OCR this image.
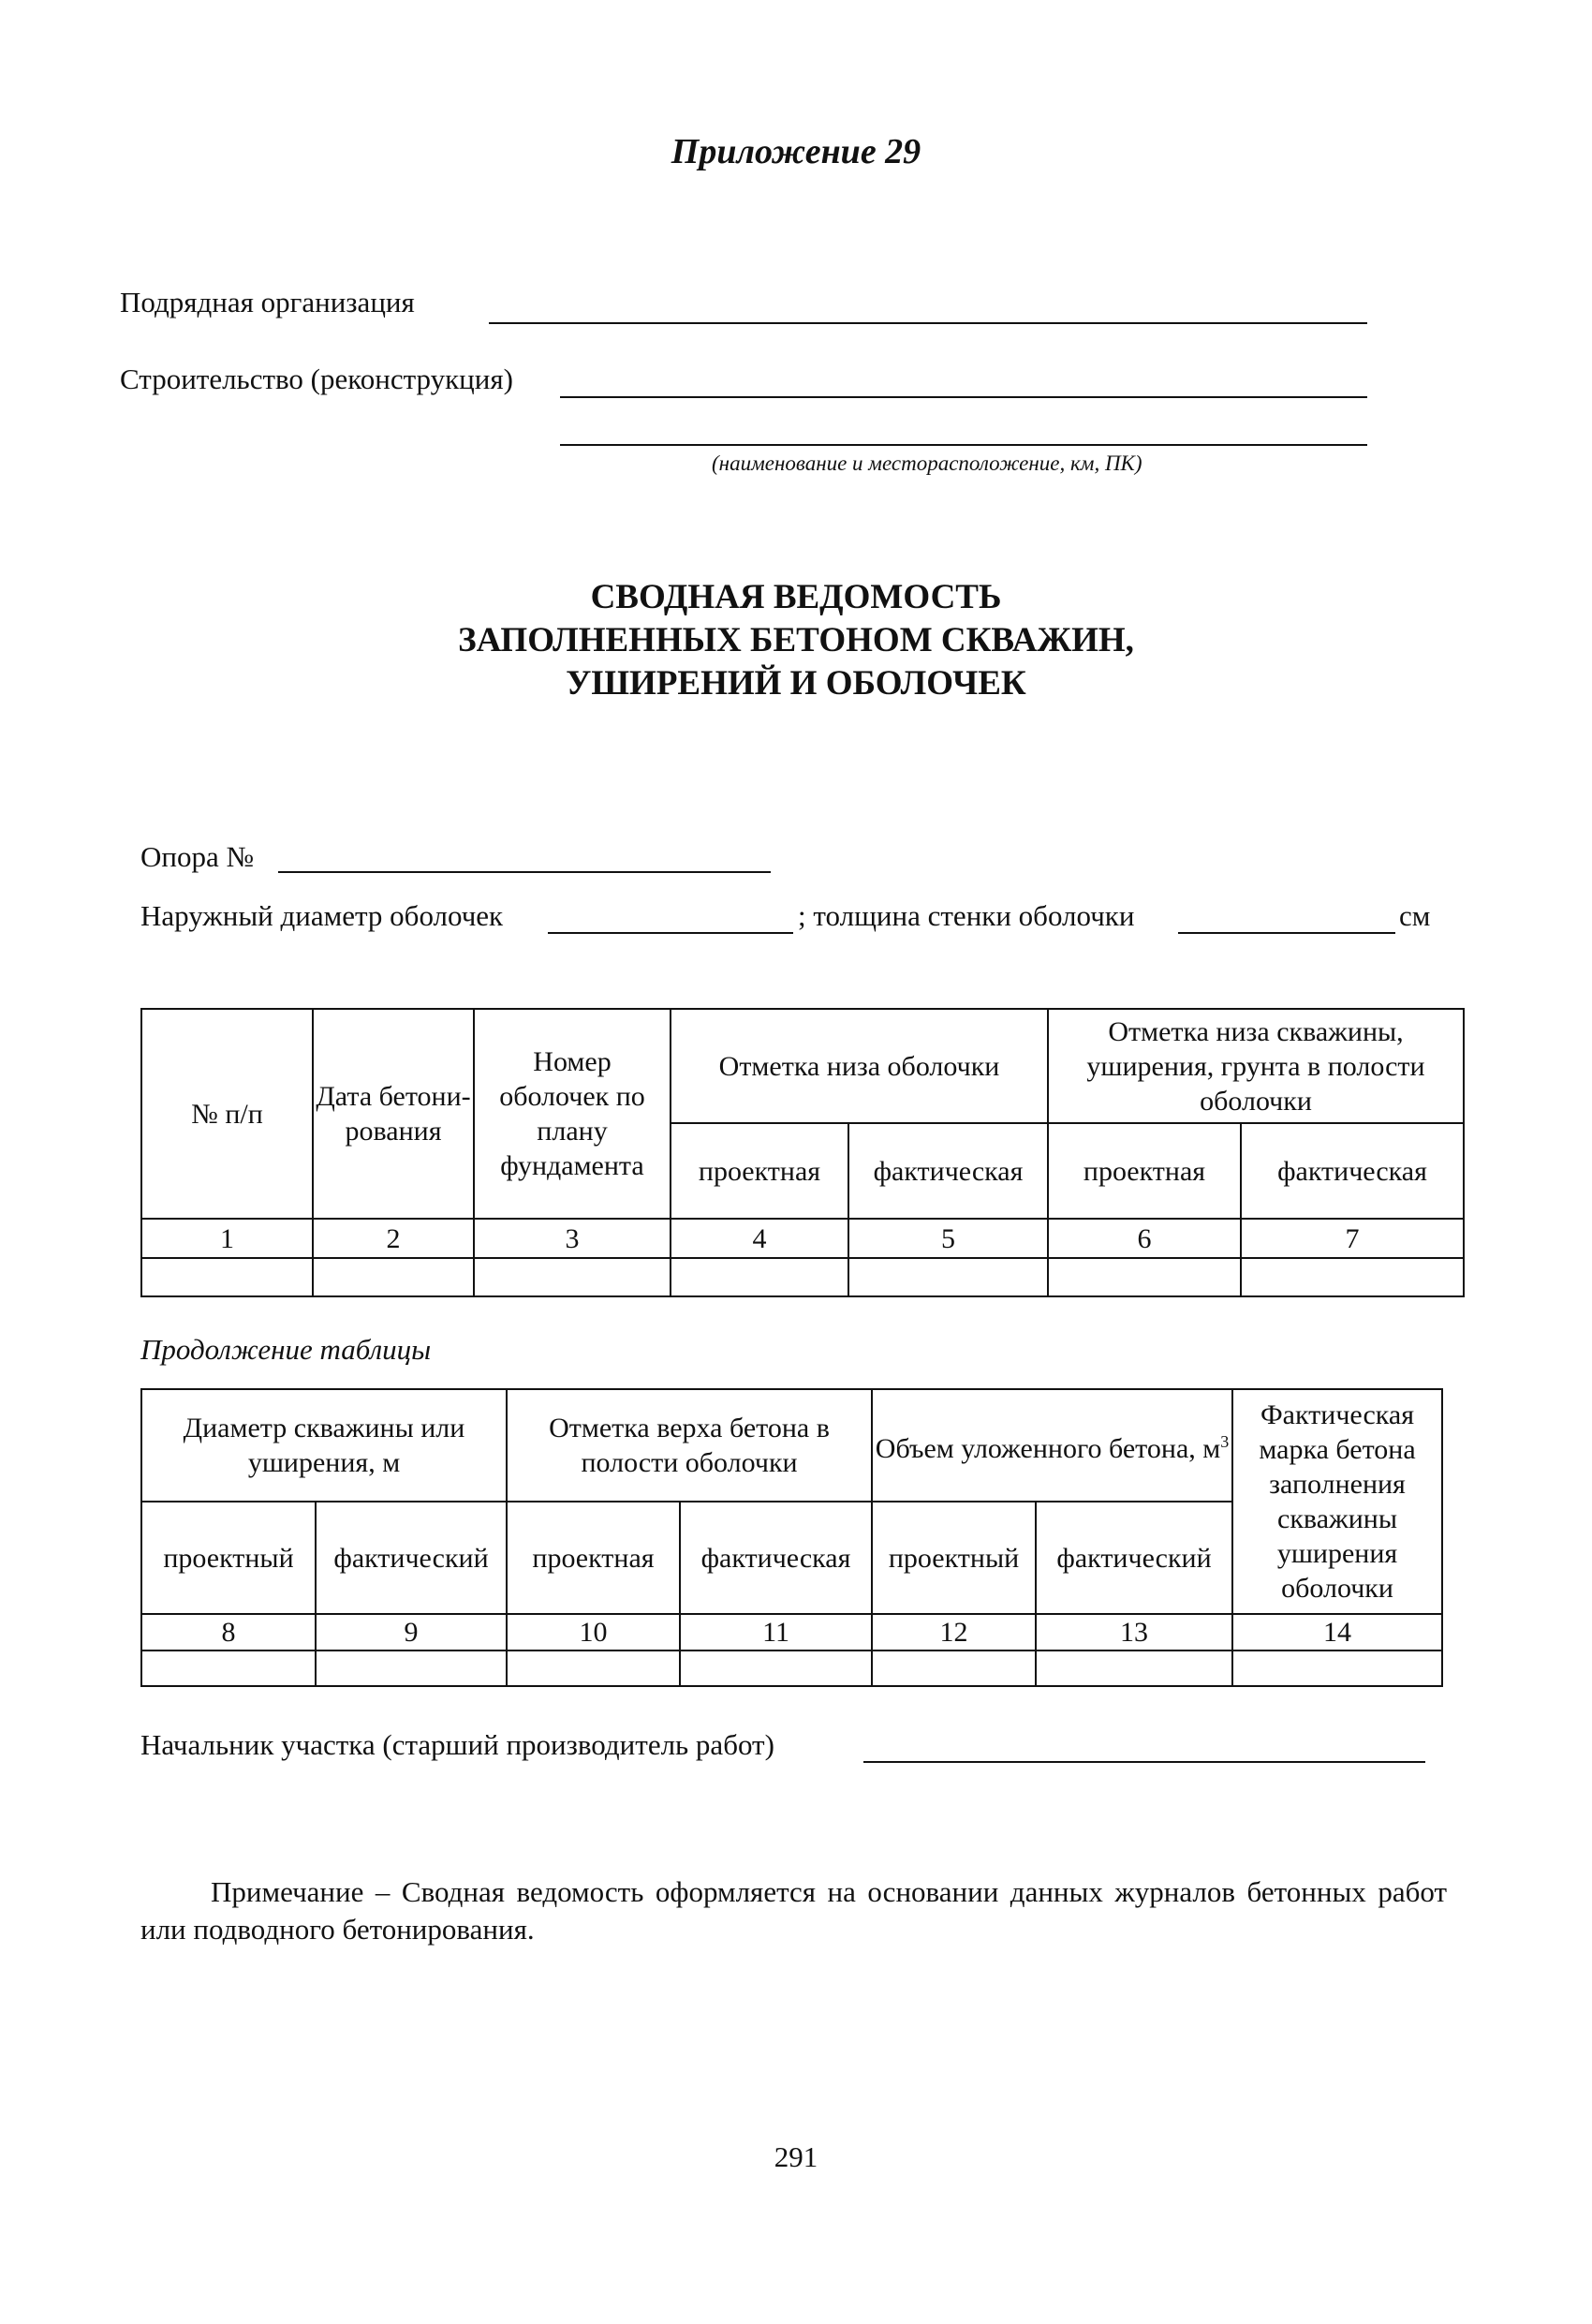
Приложение 29
Подрядная организация
Строительство (реконструкция)
(наименование и месторасположение, км, ПК)
СВОДНАЯ ВЕДОМОСТЬ
ЗАПОЛНЕННЫХ БЕТОНОМ СКВАЖИН,
УШИРЕНИЙ И ОБОЛОЧЕК
Опора №
Наружный диаметр оболочек	; толщина стенки оболочки	см
№ п/п	Дата бетони-рования	Номер оболочек по плану фундамента	Отметка низа оболочки		Отметка низа скважины, уширения, грунта в полости оболочки	
			проектная	фактическая	проектная	фактическая
1	2	3	4	5	6	7

Продолжение таблицы
Диаметр скважины или уширения, м		Отметка верха бетона в полости оболочки		Объем уложенного бетона, $м^3$		Фактическая марка бетона заполнения скважины уширения оболочки
проектный	фактический	проектная	фактическая	проектный	фактический	
8	9	10	11	12	13	14

Начальник участка (старший производитель работ)
Примечание – Сводная ведомость оформляется на основании данных журналов бетонных работ или подводного бетонирования.
291
